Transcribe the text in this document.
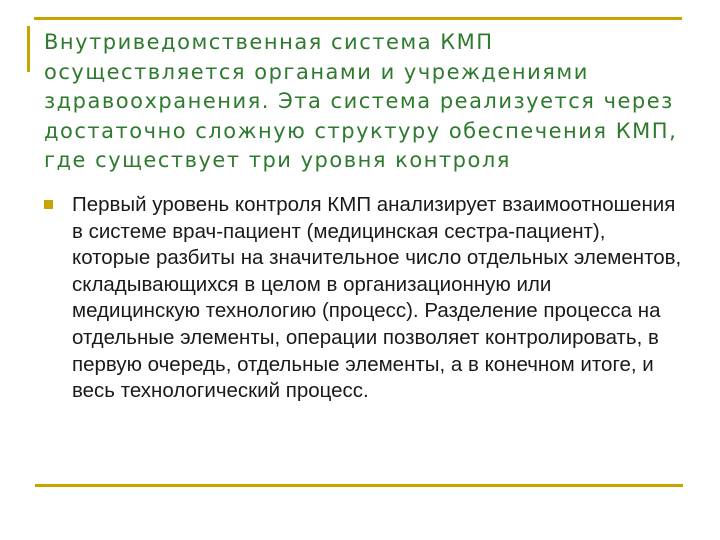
Внутриведомственная система КМП осуществляется органами и учреждениями здравоохранения. Эта система реализуется через достаточно сложную структуру обеспечения КМП, где существует три уровня контроля
Первый уровень контроля КМП анализирует взаимоотношения в системе врач-пациент (медицинская сестра-пациент), которые разбиты на значительное число отдельных элементов, складывающихся в целом в организационную или медицинскую технологию (процесс). Разделение процесса на отдельные элементы, операции позволяет контролировать, в первую очередь, отдельные элементы, а в конечном итоге, и весь технологический процесс.
